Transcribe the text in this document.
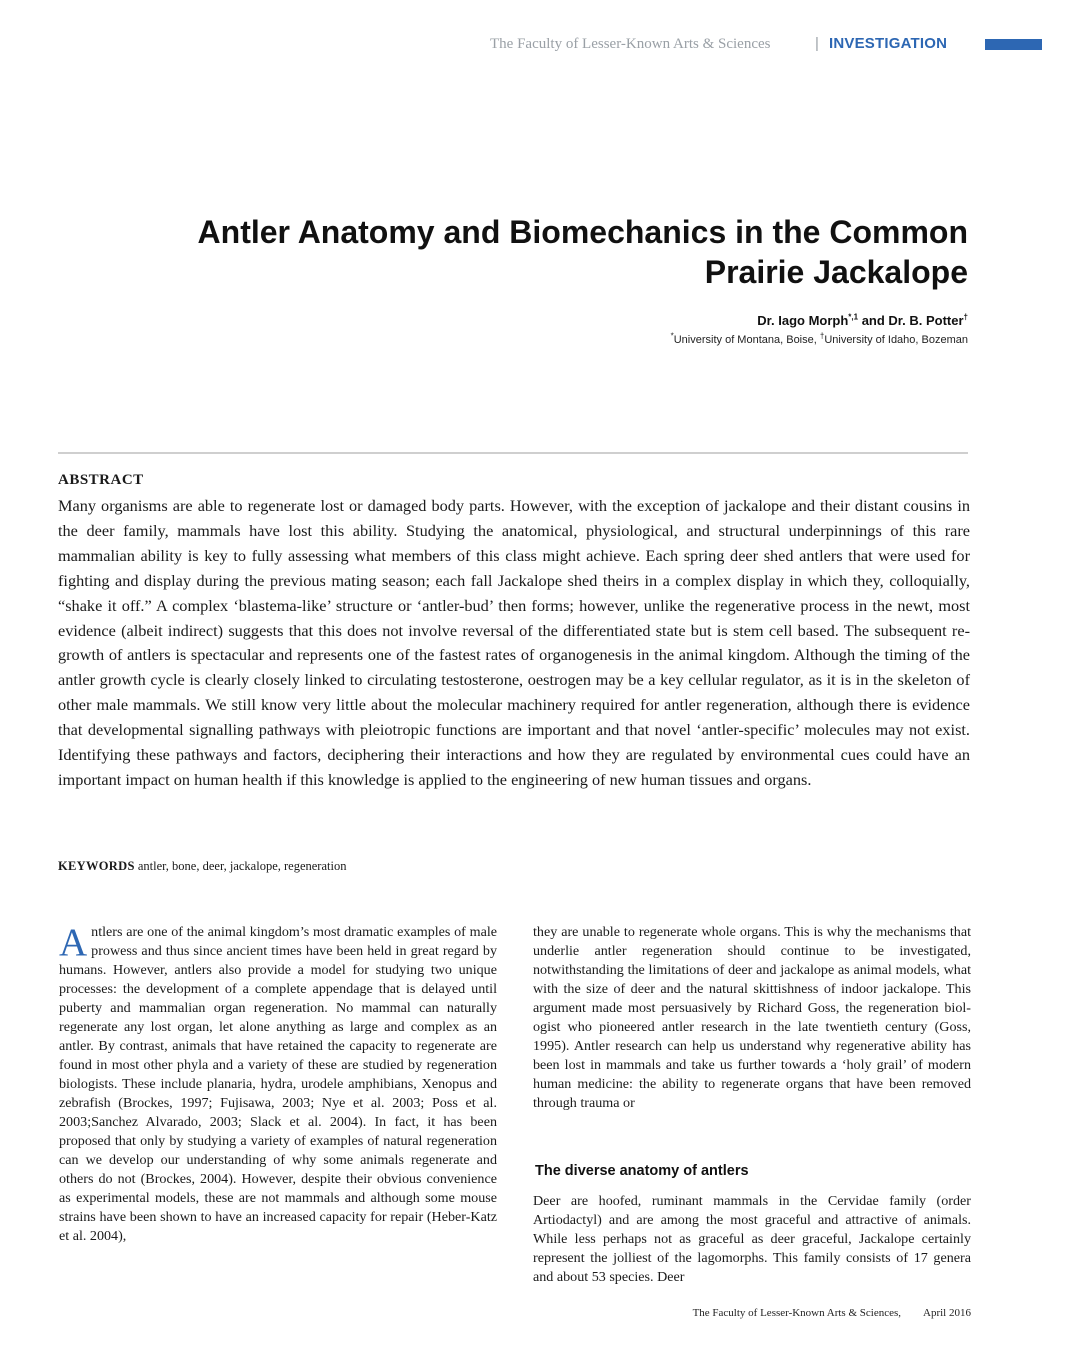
The Faculty of Lesser-Known Arts & Sciences	| INVESTIGATION
Antler Anatomy and Biomechanics in the Common
Prairie Jackalope
Dr. Iago Morph$^{*,1}$ and Dr. B. Potter†
*University of Montana, Boise, †University of Idaho, Bozeman
ABSTRACT

Many organisms are able to regenerate lost or damaged body parts. However, with the exception of jackalope and their distant cousins in the deer family, mammals have lost this ability. Studying the anatomical, physiological, and structural underpinnings of this rare mammalian ability is key to fully assessing what members of this class might achieve. Each spring deer shed antlers that were used for fighting and display during the previous mating season; each fall Jackalope shed theirs in a complex display in which they, colloquially, “shake it off.” A complex ‘blastema-like’ structure or ‘antler-bud’ then forms; however, unlike the regenerative process in the newt, most evidence (albeit indirect) suggests that this does not involve reversal of the differentiated state but is stem cell based. The subsequent re-growth of antlers is spectacular and represents one of the fastest rates of organogenesis in the animal kingdom. Although the timing of the antler growth cycle is clearly closely linked to circulating testosterone, oestrogen may be a key cellular regulator, as it is in the skeleton of other male mammals. We still know very little about the molecular machinery required for antler regeneration, although there is evidence that developmental signalling pathways with pleiotropic functions are important and that novel ‘antler-specific’ molecules may not exist. Identifying these pathways and factors, deciphering their interactions and how they are regulated by environmental cues could have an important impact on human health if this knowledge is applied to the engineering of new human tissues and organs.

KEYWORDS antler, bone, deer, jackalope, regeneration
Antlers are one of the animal kingdom’s most dramatic examples of male prowess and thus since ancient times have been held in great regard by humans. However, antlers also provide a model for studying two unique processes: the development of a complete appendage that is delayed until puberty and mammalian organ regeneration. No mammal can naturally regenerate any lost organ, let alone anything as large and complex as an antler. By contrast, animals that have retained the capacity to regenerate are found in most other phyla and a variety of these are studied by regeneration biologists. These include planaria, hydra, urodele amphibians, Xenopus and zebrafish (Brockes, 1997; Fujisawa, 2003; Nye et al. 2003; Poss et al. 2003;Sanchez Alvarado, 2003; Slack et al. 2004). In fact, it has been proposed that only by studying a variety of examples of natural regeneration can we develop our understanding of why some animals regenerate and others do not (Brockes, 2004). However, despite their obvious convenience as experimental models, these are not mammals and although some mouse strains have been shown to have an increased capacity for repair (Heber-Katz et al. 2004),

they are unable to regenerate whole organs. This is why the mechanisms that underlie antler regeneration should continue to be investigated, notwithstanding the limitations of deer and jackalope as animal models, what with the size of deer and the natural skittishness of indoor jackalope. This argument made most persuasively by Richard Goss, the regeneration biol-ogist who pioneered antler research in the late twentieth century (Goss, 1995). Antler research can help us understand why regenerative ability has been lost in mammals and take us further towards a ‘holy grail’ of modern human medicine: the ability to regenerate organs that have been removed through trauma or

The diverse anatomy of antlers

Deer are hoofed, ruminant mammals in the Cervidae family (order Artiodactyl) and are among the most graceful and attractive of animals. While less perhaps not as graceful as deer graceful, Jackalope certainly represent the jolliest of the lagomorphs. This family consists of 17 genera and about 53 species. Deer

The Faculty of Lesser-Known Arts & Sciences, April 2016
